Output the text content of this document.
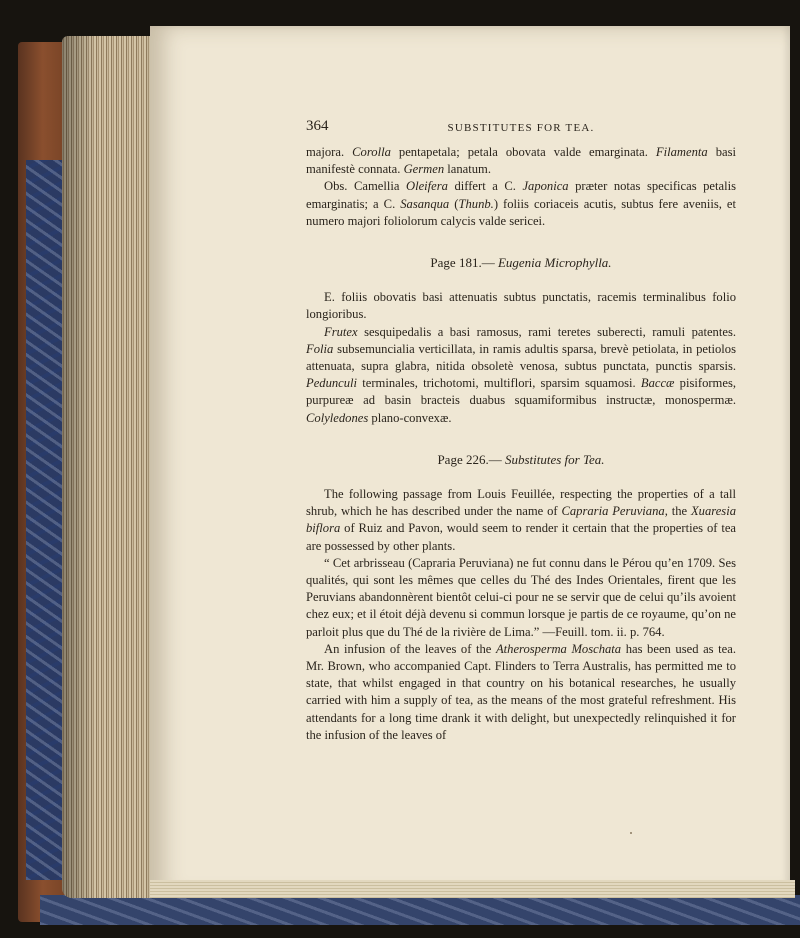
364	SUBSTITUTES FOR TEA.

majora. Corolla pentapetala; petala obovata valde emarginata. Filamenta basi manifestè connata. Germen lanatum.

Obs. Camellia Oleifera differt a C. Japonica præter notas specificas petalis emarginatis; a C. Sasanqua (Thunb.) foliis coriaceis acutis, subtus fere aveniis, et numero majori foliolorum calycis valde sericei.

Page 181.— Eugenia Microphylla.

E. foliis obovatis basi attenuatis subtus punctatis, racemis terminalibus folio longioribus.

Frutex sesquipedalis a basi ramosus, rami teretes suberecti, ramuli patentes. Folia subsemuncialia verticillata, in ramis adultis sparsa, brevè petiolata, in petiolos attenuata, supra glabra, nitida obsoletè venosa, subtus punctata, punctis sparsis. Pedunculi terminales, trichotomi, multiflori, sparsim squamosi. Baccæ pisiformes, purpureæ ad basin bracteis duabus squamiformibus instructæ, monospermæ. Colyledones plano-convexæ.

Page 226.— Substitutes for Tea.

The following passage from Louis Feuillée, respecting the properties of a tall shrub, which he has described under the name of Capraria Peruviana, the Xuaresia biflora of Ruiz and Pavon, would seem to render it certain that the properties of tea are possessed by other plants.

“ Cet arbrisseau (Capraria Peruviana) ne fut connu dans le Pérou qu’en 1709. Ses qualités, qui sont les mêmes que celles du Thé des Indes Orientales, firent que les Peruvians abandonnèrent bientôt celui-ci pour ne se servir que de celui qu’ils avoient chez eux; et il étoit déjà devenu si commun lorsque je partis de ce royaume, qu’on ne parloit plus que du Thé de la rivière de Lima.” —Feuill. tom. ii. p. 764.

An infusion of the leaves of the Atherosperma Moschata has been used as tea. Mr. Brown, who accompanied Capt. Flinders to Terra Australis, has permitted me to state, that whilst engaged in that country on his botanical researches, he usually carried with him a supply of tea, as the means of the most grateful refreshment. His attendants for a long time drank it with delight, but unexpectedly relinquished it for the infusion of the leaves of
